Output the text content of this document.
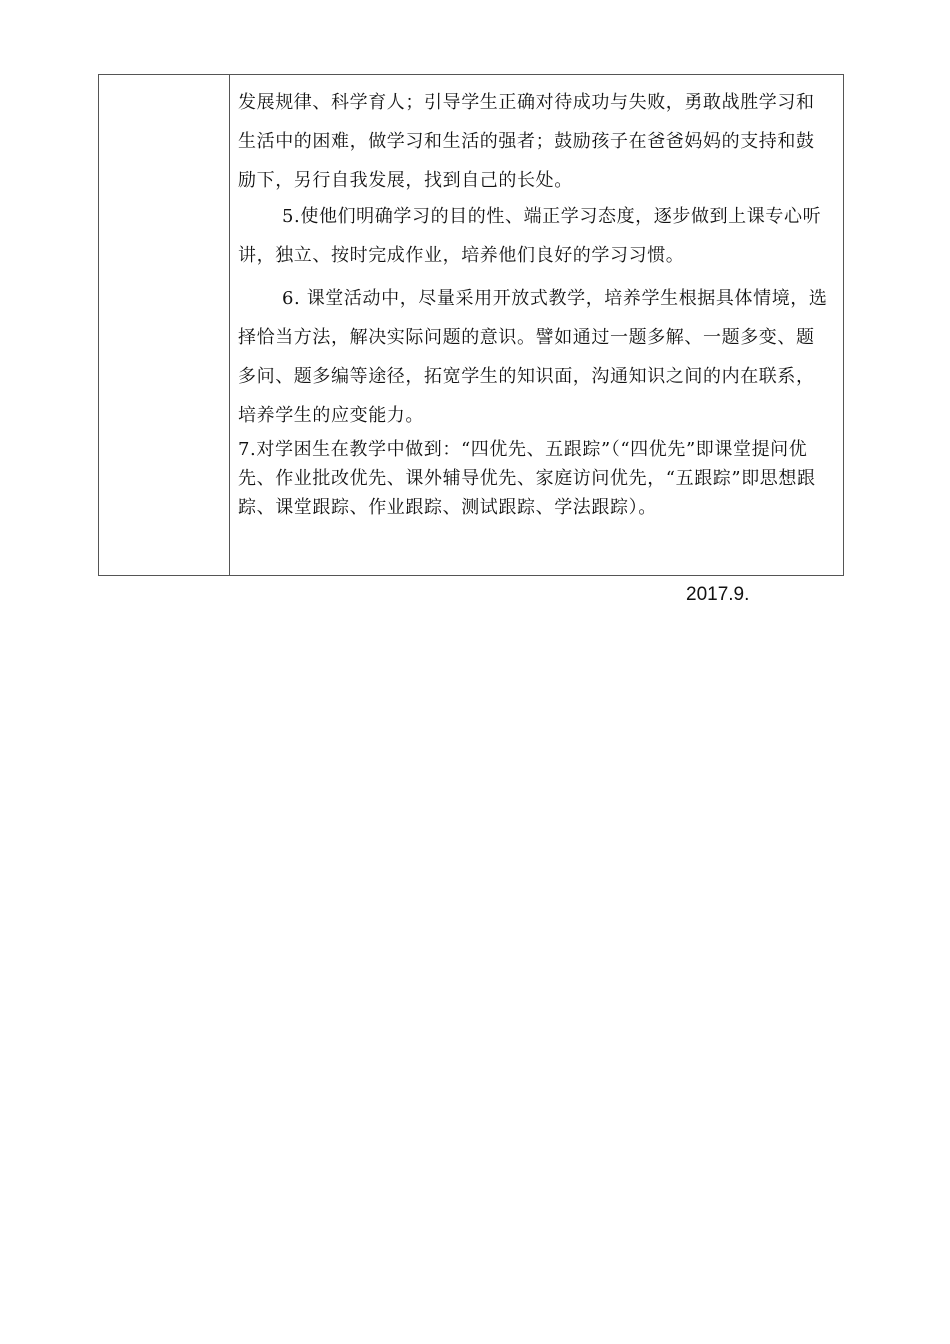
发展规律、科学育人；引导学生正确对待成功与失败，勇敢战胜学习和生活中的困难，做学习和生活的强者；鼓励孩子在爸爸妈妈的支持和鼓励下，另行自我发展，找到自己的长处。

5.使他们明确学习的目的性、端正学习态度，逐步做到上课专心听讲，独立、按时完成作业，培养他们良好的学习习惯。

6. 课堂活动中，尽量采用开放式教学，培养学生根据具体情境，选择恰当方法，解决实际问题的意识。譬如通过一题多解、一题多变、题多问、题多编等途径，拓宽学生的知识面，沟通知识之间的内在联系，培养学生的应变能力。

7.对学困生在教学中做到：“四优先、五跟踪”（“四优先”即课堂提问优先、作业批改优先、课外辅导优先、家庭访问优先，“五跟踪”即思想跟踪、课堂跟踪、作业跟踪、测试跟踪、学法跟踪）。

2017.9.
